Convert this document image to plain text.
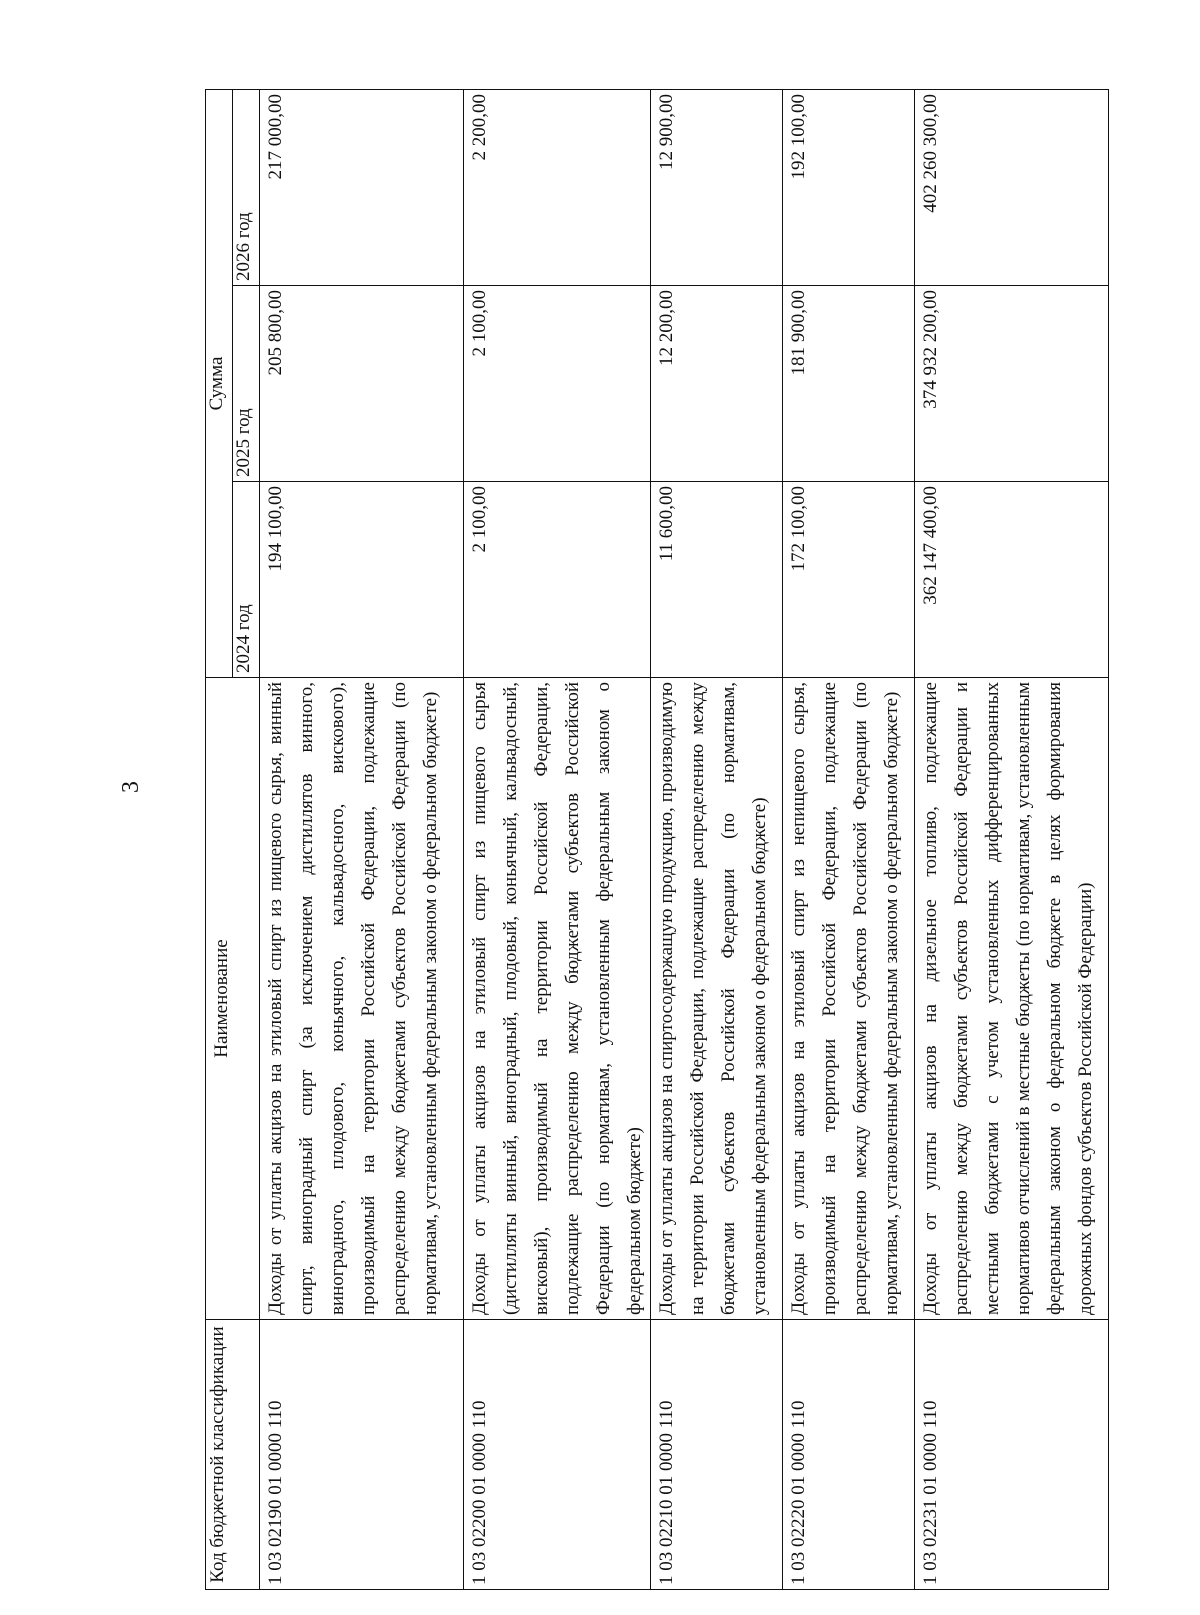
3
Код бюджетной классификации	Наименование	Сумма		
		2024 год	2025 год	2026 год
1 03 02190 01 0000 110	Доходы от уплаты акцизов на этиловый спирт из пищевого сырья, винный спирт, виноградный спирт (за исключением дистиллятов винного, виноградного, плодового, коньячного, кальвадосного, вискового), производимый на территории Российской Федерации, подлежащие распределению между бюджетами субъектов Российской Федерации (по нормативам, установленным федеральным законом о федеральном бюджете)	194 100,00	205 800,00	217 000,00
1 03 02200 01 0000 110	Доходы от уплаты акцизов на этиловый спирт из пищевого сырья (дистилляты винный, виноградный, плодовый, коньячный, кальвадосный, висковый), производимый на территории Российской Федерации, подлежащие распределению между бюджетами субъектов Российской Федерации (по нормативам, установленным федеральным законом о федеральном бюджете)	2 100,00	2 100,00	2 200,00
1 03 02210 01 0000 110	Доходы от уплаты акцизов на спиртосодержащую продукцию, производимую на территории Российской Федерации, подлежащие распределению между бюджетами субъектов Российской Федерации (по нормативам, установленным федеральным законом о федеральном бюджете)	11 600,00	12 200,00	12 900,00
1 03 02220 01 0000 110	Доходы от уплаты акцизов на этиловый спирт из непищевого сырья, производимый на территории Российской Федерации, подлежащие распределению между бюджетами субъектов Российской Федерации (по нормативам, установленным федеральным законом о федеральном бюджете)	172 100,00	181 900,00	192 100,00
1 03 02231 01 0000 110	Доходы от уплаты акцизов на дизельное топливо, подлежащие распределению между бюджетами субъектов Российской Федерации и местными бюджетами с учетом установленных дифференцированных нормативов отчислений в местные бюджеты (по нормативам, установленным федеральным законом о федеральном бюджете в целях формирования дорожных фондов субъектов Российской Федерации)	362 147 400,00	374 932 200,00	402 260 300,00
